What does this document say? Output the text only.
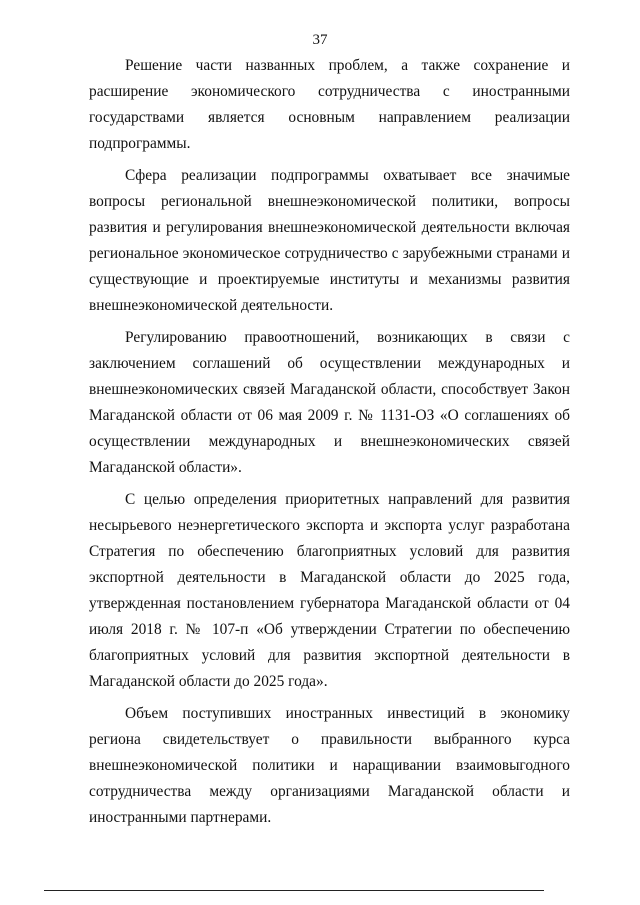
37

Решение части названных проблем, а также сохранение и расширение экономического сотрудничества с иностранными государствами является основным направлением реализации подпрограммы.

Сфера реализации подпрограммы охватывает все значимые вопросы региональной внешнеэкономической политики, вопросы развития и регулирования внешнеэкономической деятельности включая региональное экономическое сотрудничество с зарубежными странами и существующие и проектируемые институты и механизмы развития внешнеэкономической деятельности.

Регулированию правоотношений, возникающих в связи с заключением соглашений об осуществлении международных и внешнеэкономических связей Магаданской области, способствует Закон Магаданской области от 06 мая 2009 г. № 1131-ОЗ «О соглашениях об осуществлении международных и внешнеэкономических связей Магаданской области».

С целью определения приоритетных направлений для развития несырьевого неэнергетического экспорта и экспорта услуг разработана Стратегия по обеспечению благоприятных условий для развития экспортной деятельности в Магаданской области до 2025 года, утвержденная постановлением губернатора Магаданской области от 04 июля 2018 г. № 107-п «Об утверждении Стратегии по обеспечению благоприятных условий для развития экспортной деятельности в Магаданской области до 2025 года».

Объем поступивших иностранных инвестиций в экономику региона свидетельствует о правильности выбранного курса внешнеэкономической политики и наращивании взаимовыгодного сотрудничества между организациями Магаданской области и иностранными партнерами.
